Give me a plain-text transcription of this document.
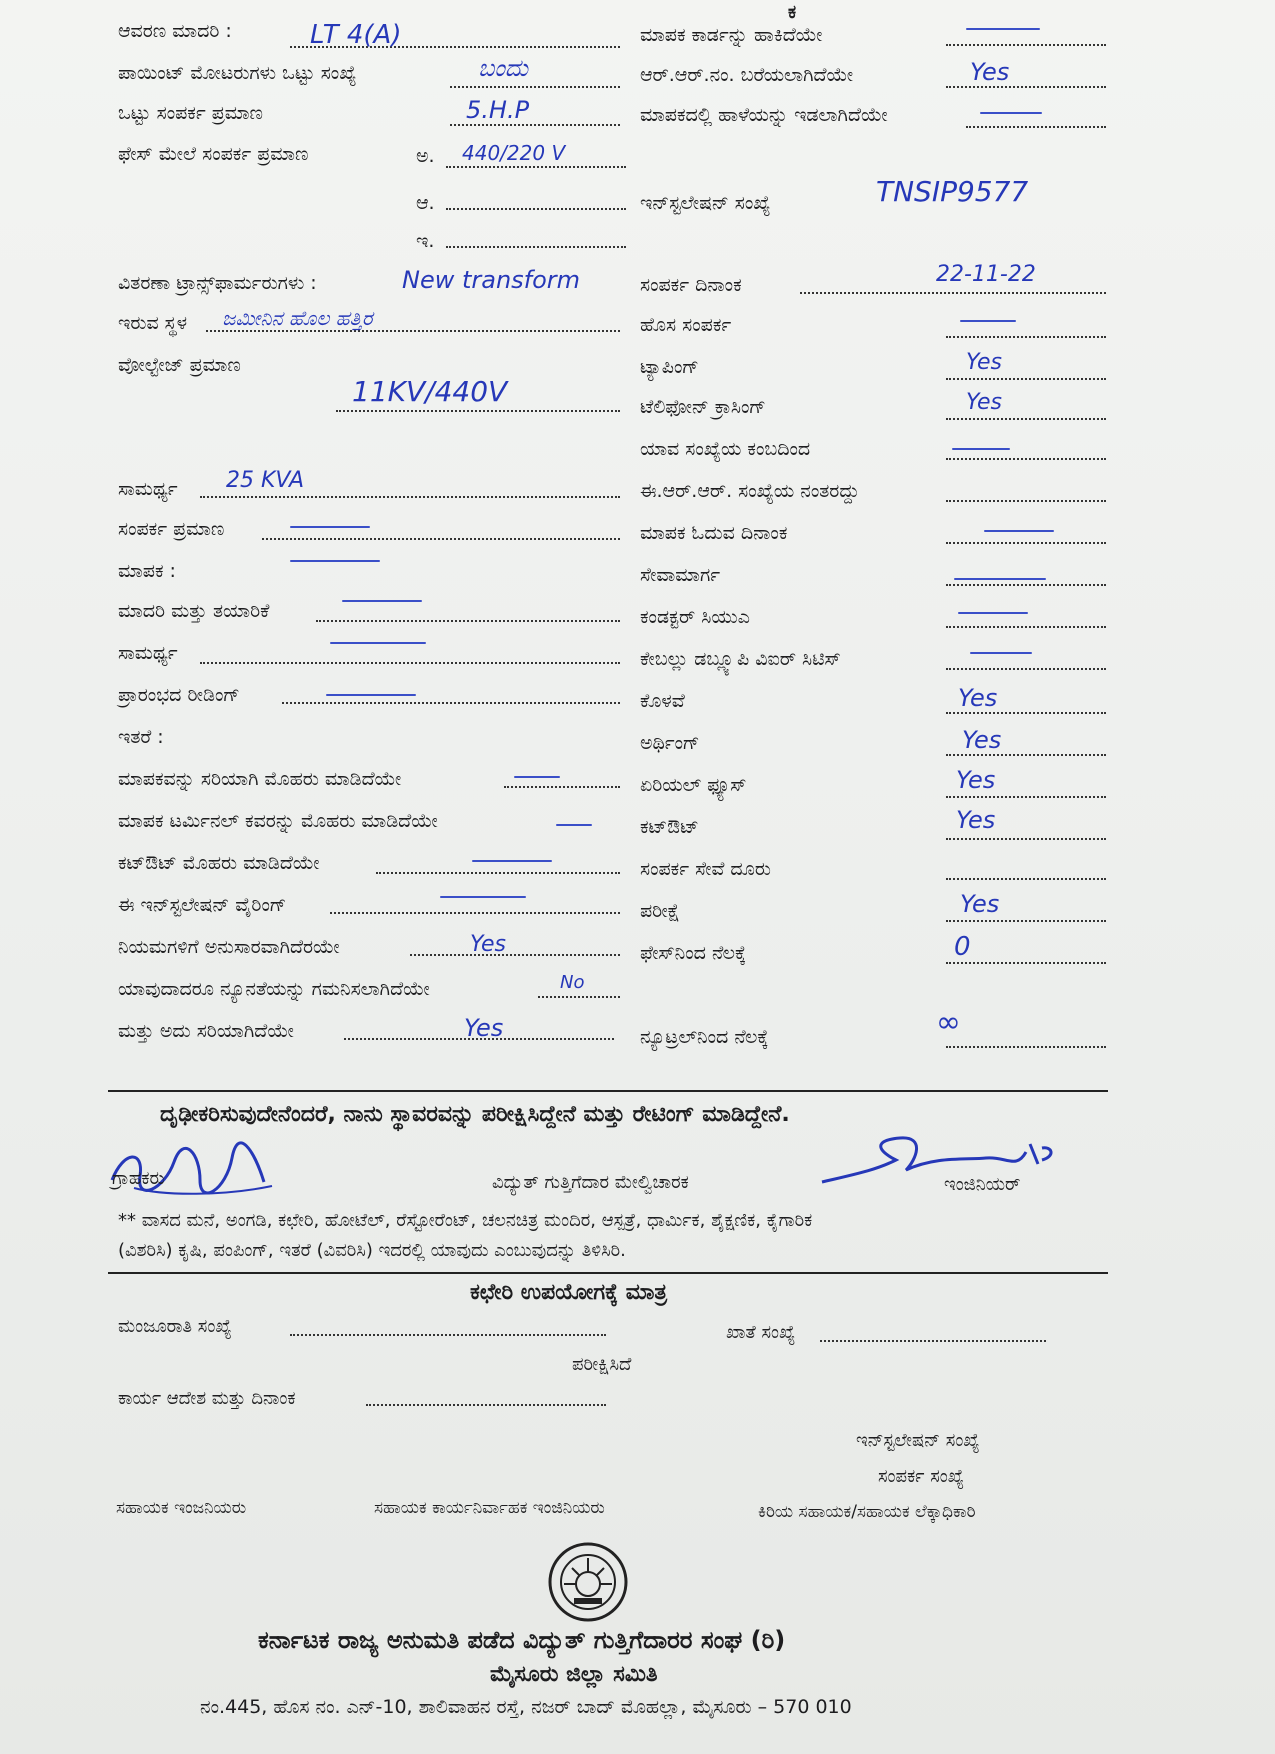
ಕ
ಆವರಣ ಮಾದರಿ :	LT 4(A)
ಪಾಯಿಂಟ್ ಮೋಟರುಗಳು ಒಟ್ಟು ಸಂಖ್ಯೆ	ಬಂದು
ಒಟ್ಟು ಸಂಪರ್ಕ ಪ್ರಮಾಣ	5.H.P
ಫೇಸ್ ಮೇಲೆ ಸಂಪರ್ಕ ಪ್ರಮಾಣ	ಅ. 440/220 V
ಆ.
ಇ.
ವಿತರಣಾ ಟ್ರಾನ್ಸ್‌ಫಾರ್ಮರುಗಳು :	New transform
ಇರುವ ಸ್ಥಳ ಜಮೀನಿನ ಹೊಲ ಹತ್ತಿರ
ವೋಲ್ಟೇಜ್ ಪ್ರಮಾಣ
11KV/440V
ಸಾಮರ್ಥ್ಯ 25 KVA
ಸಂಪರ್ಕ ಪ್ರಮಾಣ
ಮಾಪಕ :
ಮಾದರಿ ಮತ್ತು ತಯಾರಿಕೆ
ಸಾಮರ್ಥ್ಯ
ಪ್ರಾರಂಭದ ರೀಡಿಂಗ್
ಇತರೆ :
ಮಾಪಕವನ್ನು ಸರಿಯಾಗಿ ಮೊಹರು ಮಾಡಿದೆಯೇ
ಮಾಪಕ ಟರ್ಮಿನಲ್ ಕವರನ್ನು ಮೊಹರು ಮಾಡಿದೆಯೇ
ಕಟ್‌ಔಟ್ ಮೊಹರು ಮಾಡಿದೆಯೇ
ಈ ಇನ್‌ಸ್ಟಲೇಷನ್ ವೈರಿಂಗ್
ನಿಯಮಗಳಿಗೆ ಅನುಸಾರವಾಗಿದೆರಯೇ	Yes
ಯಾವುದಾದರೂ ನ್ಯೂನತೆಯನ್ನು ಗಮನಿಸಲಾಗಿದೆಯೇ	No
ಮತ್ತು ಅದು ಸರಿಯಾಗಿದೆಯೇ	Yes
ಮಾಪಕ ಕಾರ್ಡನ್ನು ಹಾಕಿದೆಯೇ
ಆರ್.ಆರ್.ನಂ. ಬರೆಯಲಾಗಿದೆಯೇ	Yes
ಮಾಪಕದಲ್ಲಿ ಹಾಳೆಯನ್ನು ಇಡಲಾಗಿದೆಯೇ
ಇನ್‌ಸ್ಟಲೇಷನ್ ಸಂಖ್ಯೆ	TNSIP9577
ಸಂಪರ್ಕ ದಿನಾಂಕ	22-11-22
ಹೊಸ ಸಂಪರ್ಕ
ಟ್ಯಾಪಿಂಗ್	Yes
ಟೆಲಿಫೋನ್ ಕ್ರಾಸಿಂಗ್	Yes
ಯಾವ ಸಂಖ್ಯೆಯ ಕಂಬದಿಂದ
ಈ.ಆರ್.ಆರ್. ಸಂಖ್ಯೆಯ ನಂತರದ್ದು
ಮಾಪಕ ಓದುವ ದಿನಾಂಕ
ಸೇವಾಮಾರ್ಗ
ಕಂಡಕ್ಟರ್ ಸಿಯುಎ
ಕೇಬಲ್ಲು ಡಬ್ಲ್ಯೂಪಿ ವಿಐರ್ ಸಿಟಿಸ್
ಕೊಳವೆ	Yes
ಅರ್ಥಿಂಗ್	Yes
ಏರಿಯಲ್ ಫ್ಯೂಸ್	Yes
ಕಟ್‌ಔಟ್	Yes
ಸಂಪರ್ಕ ಸೇವೆ ದೂರು
ಪರೀಕ್ಷೆ	Yes
ಫೇಸ್‌ನಿಂದ ನೆಲಕ್ಕೆ	0
ನ್ಯೂಟ್ರಲ್‌ನಿಂದ ನೆಲಕ್ಕೆ	∞
ದೃಢೀಕರಿಸುವುದೇನೆಂದರೆ, ನಾನು ಸ್ಥಾವರವನ್ನು ಪರೀಕ್ಷಿಸಿದ್ದೇನೆ ಮತ್ತು ರೇಟಿಂಗ್ ಮಾಡಿದ್ದೇನೆ.
ಗ್ರಾಹಕರು	ವಿದ್ಯುತ್ ಗುತ್ತಿಗೆದಾರ ಮೇಲ್ವಿಚಾರಕ	ಇಂಜಿನಿಯರ್
** ವಾಸದ ಮನೆ, ಅಂಗಡಿ, ಕಛೇರಿ, ಹೋಟೆಲ್, ರೆಸ್ಟೋರೆಂಟ್, ಚಲನಚಿತ್ರ ಮಂದಿರ, ಆಸ್ಪತ್ರೆ, ಧಾರ್ಮಿಕ, ಶೈಕ್ಷಣಿಕ, ಕೈಗಾರಿಕ
(ವಿಶರಿಸಿ) ಕೃಷಿ, ಪಂಪಿಂಗ್, ಇತರೆ (ವಿವರಿಸಿ) ಇದರಲ್ಲಿ ಯಾವುದು ಎಂಬುವುದನ್ನು ತಿಳಿಸಿರಿ.
ಕಛೇರಿ ಉಪಯೋಗಕ್ಕೆ ಮಾತ್ರ
ಮಂಜೂರಾತಿ ಸಂಖ್ಯೆ	ಖಾತೆ ಸಂಖ್ಯೆ
ಪರೀಕ್ಷಿಸಿದೆ
ಕಾರ್ಯ ಆದೇಶ ಮತ್ತು ದಿನಾಂಕ
ಇನ್‌ಸ್ಟಲೇಷನ್ ಸಂಖ್ಯೆ
ಸಂಪರ್ಕ ಸಂಖ್ಯೆ
ಸಹಾಯಕ ಇಂಜನಿಯರು	ಸಹಾಯಕ ಕಾರ್ಯನಿರ್ವಾಹಕ ಇಂಜಿನಿಯರು	ಕಿರಿಯ ಸಹಾಯಕ/ಸಹಾಯಕ ಲೆಕ್ಕಾಧಿಕಾರಿ
ಕರ್ನಾಟಕ ರಾಜ್ಯ ಅನುಮತಿ ಪಡೆದ ವಿದ್ಯುತ್ ಗುತ್ತಿಗೆದಾರರ ಸಂಘ (ರಿ)
ಮೈಸೂರು ಜಿಲ್ಲಾ ಸಮಿತಿ
ನಂ.445, ಹೊಸ ನಂ. ಎನ್-10, ಶಾಲಿವಾಹನ ರಸ್ತೆ, ನಜರ್ ಬಾದ್ ಮೊಹಲ್ಲಾ, ಮೈಸೂರು – 570 010
